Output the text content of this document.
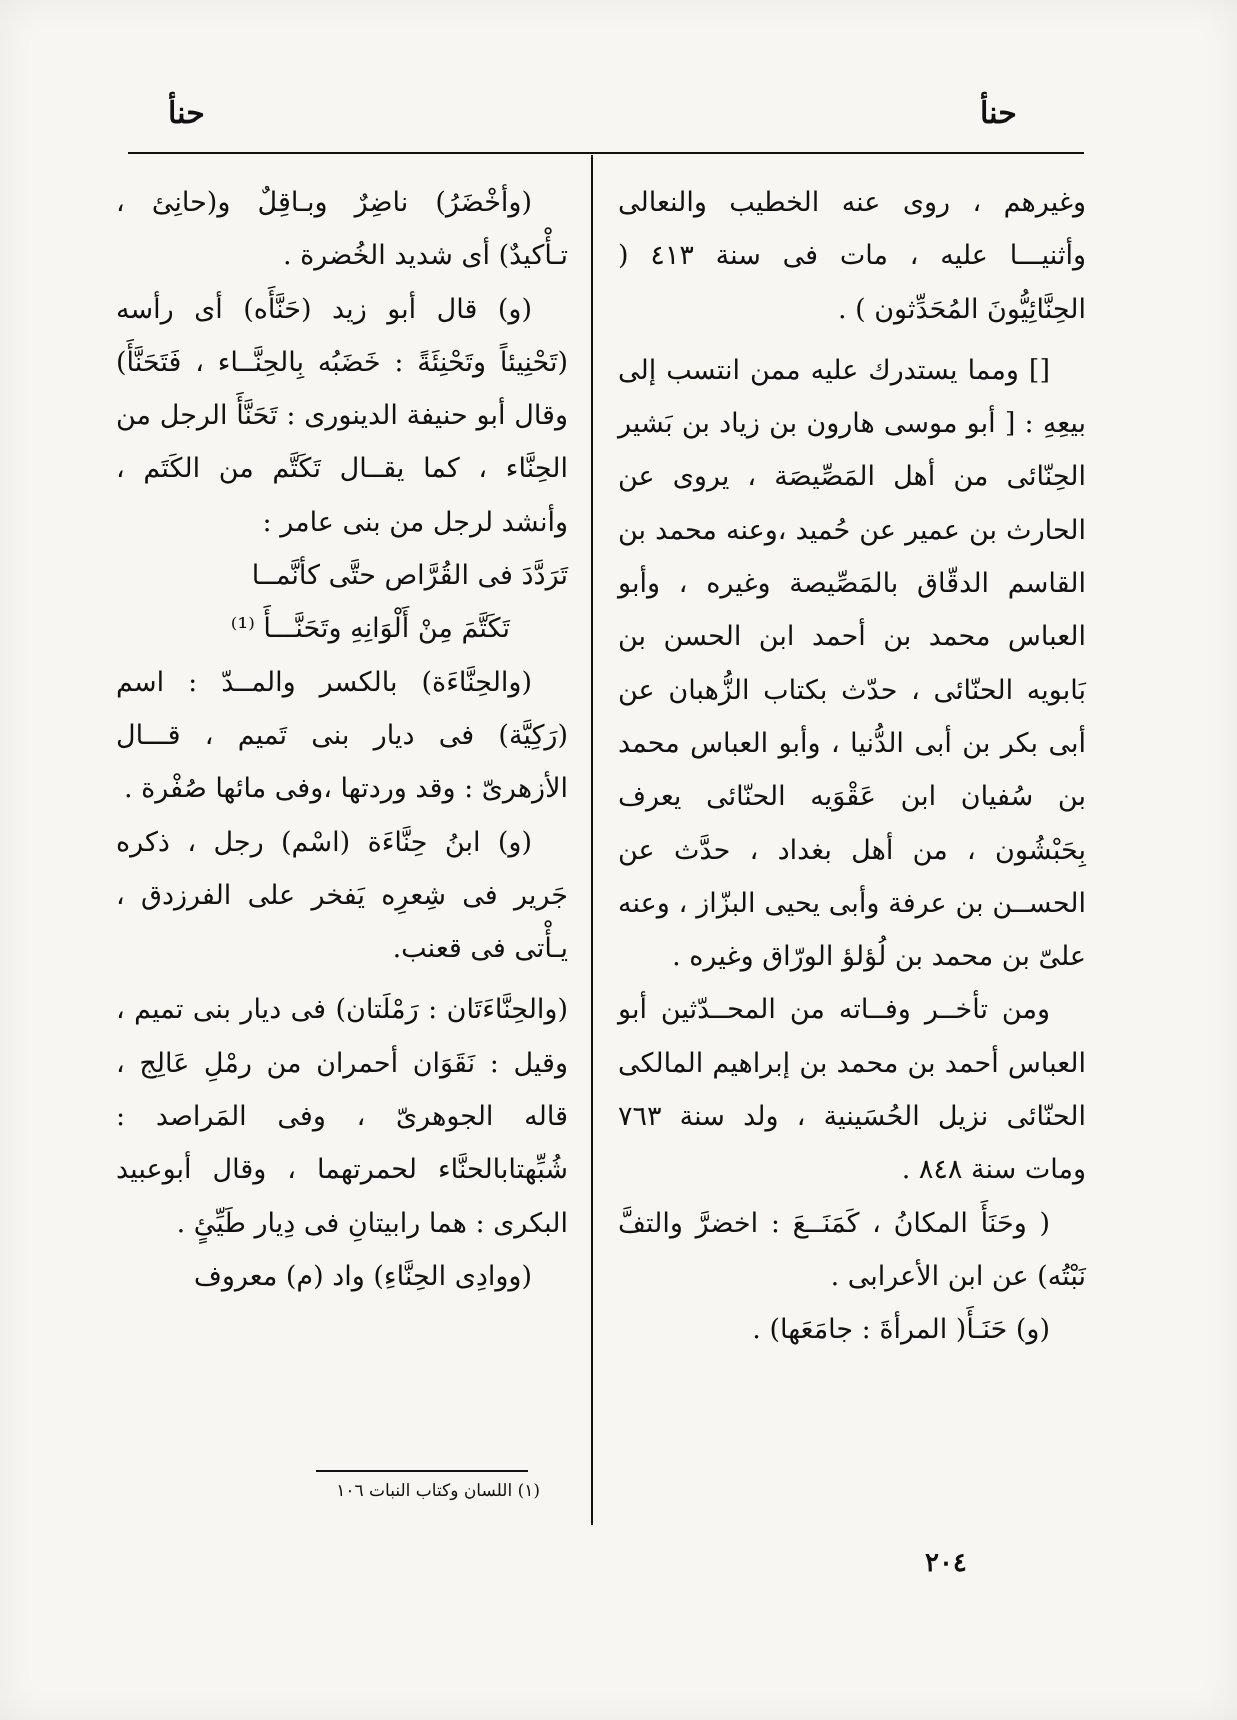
حنأ
حنأ

وغيرهم ، روى عنه الخطيب والنعالى وأثنيـــا عليه ، مات فى سنة ٤١٣ ( الحِنَّائِيُّونَ المُحَدِّثون ) .

[] ومما يستدرك عليه ممن انتسب إلى بيعِهِ : [ أبو موسى هارون بن زياد بن بَشير الحِنّائى من أهل المَصِّيصَة ، يروى عن الحارث بن عمير عن حُميد ،وعنه محمد بن القاسم الدقّاق بالمَصِّيصة وغيره ، وأبو العباس محمد بن أحمد ابن الحسن بن بَابويه الحنّائى ، حدّث بكتاب الزُّهبان عن أبى بكر بن أبى الدُّنيا ، وأبو العباس محمد بن سُفيان ابن عَقْوَيه الحنّائى يعرف بِحَبْشُون ، من أهل بغداد ، حدَّث عن الحســن بن عرفة وأبى يحيى البزّاز ، وعنه علىّ بن محمد بن لُؤلؤ الورّاق وغيره .

ومن تأخــر وفــاته من المحــدّثين أبو العباس أحمد بن محمد بن إبراهيم المالكى الحنّائى نزيل الحُسَينية ، ولد سنة ٧٦٣ ومات سنة ٨٤٨ .

( وحَنَأَ المكانُ ، كَمَنَــعَ : اخضرَّ والتفَّ نَبْتُه) عن ابن الأعرابى .

(و) حَنَـأَ( المرأةَ : جامَعَها) .

(وأخْضَرُ) ناضِرٌ وبـاقِلٌ و(حانِئ ، تـأْكيدٌ) أى شديد الخُضرة .

(و) قال أبو زيد (حَنَّأَه) أى رأسه (تَحْنِيئاً وتَحْنِئَةً : خَضَبُه بِالحِنَّــاء ، فَتَحَنَّأَ) وقال أبو حنيفة الدينورى : تَحَنَّأَ الرجل من الحِنَّاء ، كما يقــال تَكَتَّم من الكَتَم ، وأنشد لرجل من بنى عامر :

تَرَدَّدَ فى القُرَّاص حتَّى كأنَّمــا

تَكَتَّمَ مِنْ أَلْوَانِهِ وتَحَنَّـــأَ ⁽¹⁾

(والحِنَّاءَة) بالكسر والمــدّ : اسم (رَكِيَّة) فى ديار بنى تَميم ، قـــال الأزهرىّ : وقد وردتها ،وفى مائها صُفْرة .

(و) ابنُ حِنَّاءَة (اسْم) رجل ، ذكره جَرير فى شِعرِه يَفخر على الفرزدق ، يـأْتى فى قعنب.

(والحِنَّاءَتَان : رَمْلَتان) فى ديار بنى تميم ، وقيل : نَقَوَان أحمران من رمْلِ عَالِج ، قاله الجوهرىّ ، وفى المَراصد : شُبِّهتابالحنَّاء لحمرتهما ، وقال أبوعبيد البكرى : هما رابيتانِ فى دِيار طَيِّئٍ .

(ووادِى الحِنَّاءِ) واد (م) معروف

(١) اللسان وكتاب النبات ١٠٦
٢٠٤
